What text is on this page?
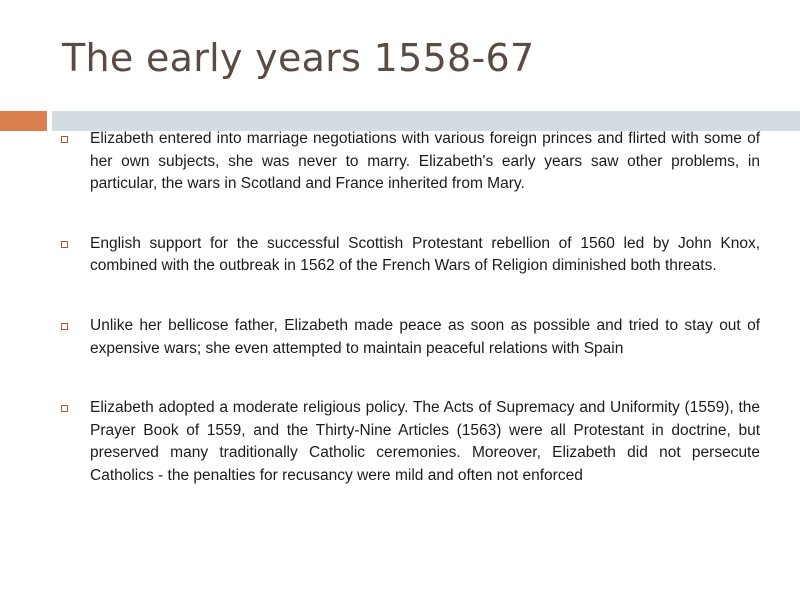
The early years 1558-67
Elizabeth entered into marriage negotiations with various foreign princes and flirted with some of her own subjects, she was never to marry. Elizabeth's early years saw other problems, in particular, the wars in Scotland and France inherited from Mary.
English support for the successful Scottish Protestant rebellion of 1560 led by John Knox, combined with the outbreak in 1562 of the French Wars of Religion diminished both threats.
Unlike her bellicose father, Elizabeth made peace as soon as possible and tried to stay out of expensive wars; she even attempted to maintain peaceful relations with Spain
Elizabeth adopted a moderate religious policy. The Acts of Supremacy and Uniformity (1559), the Prayer Book of 1559, and the Thirty-Nine Articles (1563) were all Protestant in doctrine, but preserved many traditionally Catholic ceremonies. Moreover, Elizabeth did not persecute Catholics - the penalties for recusancy were mild and often not enforced
